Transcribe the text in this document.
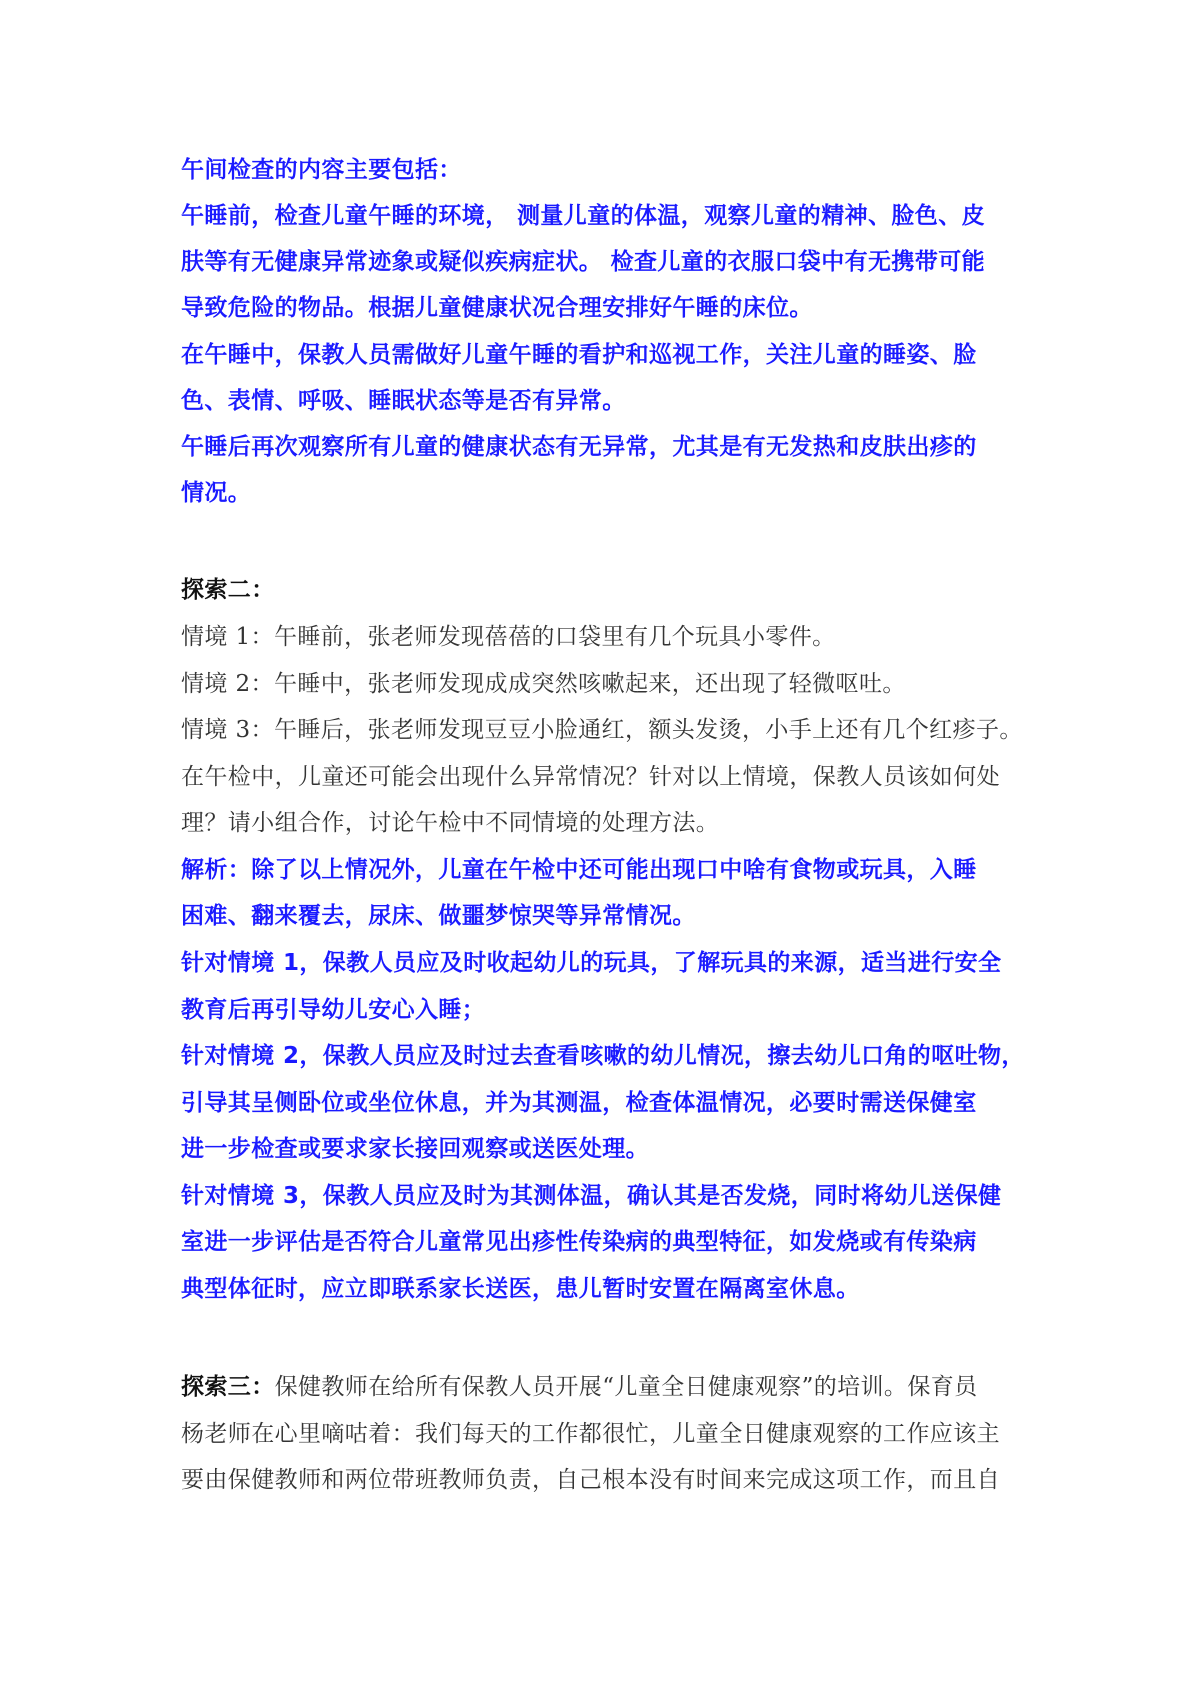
午间检查的内容主要包括：
午睡前，检查儿童午睡的环境， 测量儿童的体温，观察儿童的精神、脸色、皮
肤等有无健康异常迹象或疑似疾病症状。 检查儿童的衣服口袋中有无携带可能
导致危险的物品。根据儿童健康状况合理安排好午睡的床位。
在午睡中，保教人员需做好儿童午睡的看护和巡视工作，关注儿童的睡姿、脸
色、表情、呼吸、睡眠状态等是否有异常。
午睡后再次观察所有儿童的健康状态有无异常，尤其是有无发热和皮肤出疹的
情况。
探索二：
情境 1：午睡前，张老师发现蓓蓓的口袋里有几个玩具小零件。
情境 2：午睡中，张老师发现成成突然咳嗽起来，还出现了轻微呕吐。
情境 3：午睡后，张老师发现豆豆小脸通红，额头发烫，小手上还有几个红疹子。
在午检中，儿童还可能会出现什么异常情况？针对以上情境，保教人员该如何处
理？请小组合作，讨论午检中不同情境的处理方法。
解析：除了以上情况外，儿童在午检中还可能出现口中啥有食物或玩具，入睡
困难、翻来覆去，尿床、做噩梦惊哭等异常情况。
针对情境 1，保教人员应及时收起幼儿的玩具，了解玩具的来源，适当进行安全
教育后再引导幼儿安心入睡；
针对情境 2，保教人员应及时过去查看咳嗽的幼儿情况，擦去幼儿口角的呕吐物，
引导其呈侧卧位或坐位休息，并为其测温，检查体温情况，必要时需送保健室
进一步检查或要求家长接回观察或送医处理。
针对情境 3，保教人员应及时为其测体温，确认其是否发烧，同时将幼儿送保健
室进一步评估是否符合儿童常见出疹性传染病的典型特征，如发烧或有传染病
典型体征时，应立即联系家长送医，患儿暂时安置在隔离室休息。
探索三：保健教师在给所有保教人员开展“儿童全日健康观察”的培训。保育员
杨老师在心里嘀咕着：我们每天的工作都很忙，儿童全日健康观察的工作应该主
要由保健教师和两位带班教师负责，自己根本没有时间来完成这项工作，而且自
